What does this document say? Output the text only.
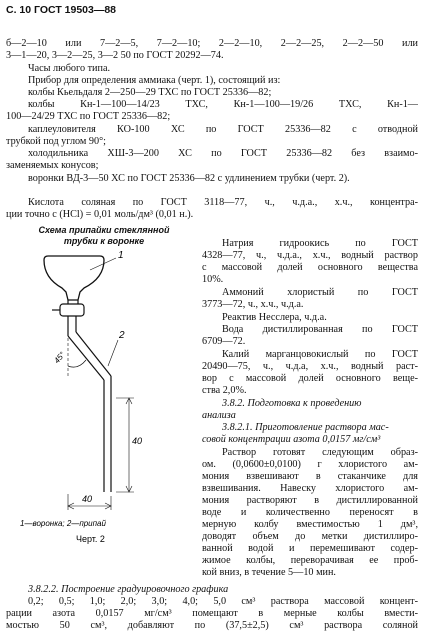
С. 10 ГОСТ 19503—88
б—2—10 или 7—2—5, 7—2—10; 2—2—10, 2—2—25, 2—2—50 или
3—1—20, 3—2—25, 3—2 50 по ГОСТ 20292—74.
Часы любого типа.
Прибор для определения аммиака (черт. 1), состоящий из:
колбы Кьельдаля 2—250—29 ТХС по ГОСТ 25336—82;
колбы Кн-1—100—14/23 ТХС, Кн-1—100—19/26 ТХС, Кн-1—
100—24/29 ТХС по ГОСТ 25336—82;
каплеуловителя КО-100 ХС по ГОСТ 25336—82 с отводной
трубкой под углом 90°;
холодильника ХШ-3—200 ХС по ГОСТ 25336—82 без взаимо-
заменяемых конусов;
воронки ВД-3—50 ХС по ГОСТ 25336—82 с удлинением трубки (черт. 2).
Кислота соляная по ГОСТ 3118—77, ч., ч.д.а., х.ч., концентра-
ции точно с (HCl) = 0,01 моль/дм³ (0,01 н.).
Схема припайки стеклянной
трубки к воронке
1
2
45°
40
40
1—воронка; 2—припай
Черт. 2
Натрия гидроокись по ГОСТ
4328—77, ч., ч.д.а., х.ч., водный раствор
с массовой долей основного вещества
10%.
Аммоний хлористый по ГОСТ
3773—72, ч., х.ч., ч.д.а.
Реактив Несслера, ч.д.а.
Вода дистиллированная по ГОСТ
6709—72.
Калий марганцовокислый по ГОСТ
20490—75, ч., ч.д.а, х.ч., водный раст-
вор с массовой долей основного веще-
ства 2,0%.
3.8.2. Подготовка к проведению
анализа
3.8.2.1. Приготовление раствора мас-
совой концентрации азота 0,0157 мг/см³
Раствор готовят следующим образ-
ом. (0,0600±0,0100) г хлористого ам-
мония взвешивают в стаканчике для
взвешивания. Навеску хлористого ам-
мония растворяют в дистиллированной
воде и количественно переносят в
мерную колбу вместимостью 1 дм³,
доводят объем до метки дистиллиро-
ванной водой и перемешивают содер-
жимое колбы, переворачивая ее проб-
кой вниз, в течение 5—10 мин.
3.8.2.2. Построение градуировочного графика
0,2; 0,5; 1,0; 2,0; 3,0; 4,0; 5,0 см³ раствора массовой концент-
рации азота 0,0157 мг/см³ помещают в мерные колбы вмести-
мостью 50 см³, добавляют по (37,5±2,5) см³ раствора соляной
